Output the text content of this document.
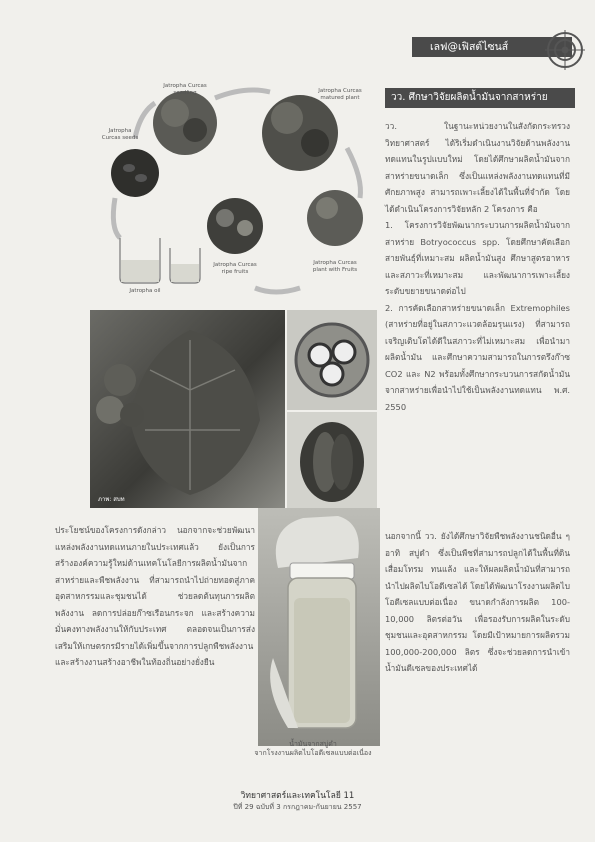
เลฟ@เฟิสต์ไซนส์
Jatropha Curcas
seedling	Jatropha Curcas
matured plant
Jatropha
Curcas seeds
Jatropha Curcas
plant with Fruits
Jatropha Curcas
ripe fruits
Jatropha oil
วว. ศึกษาวิจัยผลิตน้ำมันจากสาหร่าย
วว. ในฐานะหน่วยงานในสังกัดกระทรวงวิทยาศาสตร์ ได้ริเริ่มดำเนินงานวิจัยด้านพลังงานทดแทนในรูปแบบใหม่ โดยได้ศึกษาผลิตน้ำมันจากสาหร่ายขนาดเล็ก ซึ่งเป็นแหล่งพลังงานทดแทนที่มีศักยภาพสูง สามารถเพาะเลี้ยงได้ในพื้นที่จำกัด โดยได้ดำเนินโครงการวิจัยหลัก 2 โครงการ คือ
1. โครงการวิจัยพัฒนากระบวนการผลิตน้ำมันจากสาหร่าย Botryococcus spp. โดยศึกษาคัดเลือกสายพันธุ์ที่เหมาะสม ผลิตน้ำมันสูง ศึกษาสูตรอาหารและสภาวะที่เหมาะสม และพัฒนาการเพาะเลี้ยงระดับขยายขนาดต่อไป
2. การคัดเลือกสาหร่ายขนาดเล็ก Extremophiles (สาหร่ายที่อยู่ในสภาวะแวดล้อมรุนแรง) ที่สามารถเจริญเติบโตได้ดีในสภาวะที่ไม่เหมาะสม เพื่อนำมาผลิตน้ำมัน และศึกษาความสามารถในการตรึงก๊าซ CO2 และ N2 พร้อมทั้งศึกษากระบวนการสกัดน้ำมันจากสาหร่ายเพื่อนำไปใช้เป็นพลังงานทดแทน พ.ศ. 2550
ภาพ: สบท
ประโยชน์ของโครงการดังกล่าว นอกจากจะช่วยพัฒนาแหล่งพลังงานทดแทนภายในประเทศแล้ว ยังเป็นการสร้างองค์ความรู้ใหม่ด้านเทคโนโลยีการผลิตน้ำมันจากสาหร่ายและพืชพลังงาน ที่สามารถนำไปถ่ายทอดสู่ภาคอุตสาหกรรมและชุมชนได้ ช่วยลดต้นทุนการผลิตพลังงาน ลดการปล่อยก๊าซเรือนกระจก และสร้างความมั่นคงทางพลังงานให้กับประเทศ ตลอดจนเป็นการส่งเสริมให้เกษตรกรมีรายได้เพิ่มขึ้นจากการปลูกพืชพลังงาน และสร้างงานสร้างอาชีพในท้องถิ่นอย่างยั่งยืน
น้ำมันจากสบู่ดำ
จากโรงงานผลิตไบโอดีเซลแบบต่อเนื่อง
นอกจากนี้ วว. ยังได้ศึกษาวิจัยพืชพลังงานชนิดอื่น ๆ อาทิ สบู่ดำ ซึ่งเป็นพืชที่สามารถปลูกได้ในพื้นที่ดินเสื่อมโทรม ทนแล้ง และให้ผลผลิตน้ำมันที่สามารถนำไปผลิตไบโอดีเซลได้ โดยได้พัฒนาโรงงานผลิตไบโอดีเซลแบบต่อเนื่อง ขนาดกำลังการผลิต 100-10,000 ลิตรต่อวัน เพื่อรองรับการผลิตในระดับชุมชนและอุตสาหกรรม โดยมีเป้าหมายการผลิตรวม 100,000-200,000 ลิตร ซึ่งจะช่วยลดการนำเข้าน้ำมันดีเซลของประเทศได้
วิทยาศาสตร์และเทคโนโลยี 11
ปีที่ 29 ฉบับที่ 3 กรกฎาคม-กันยายน 2557
